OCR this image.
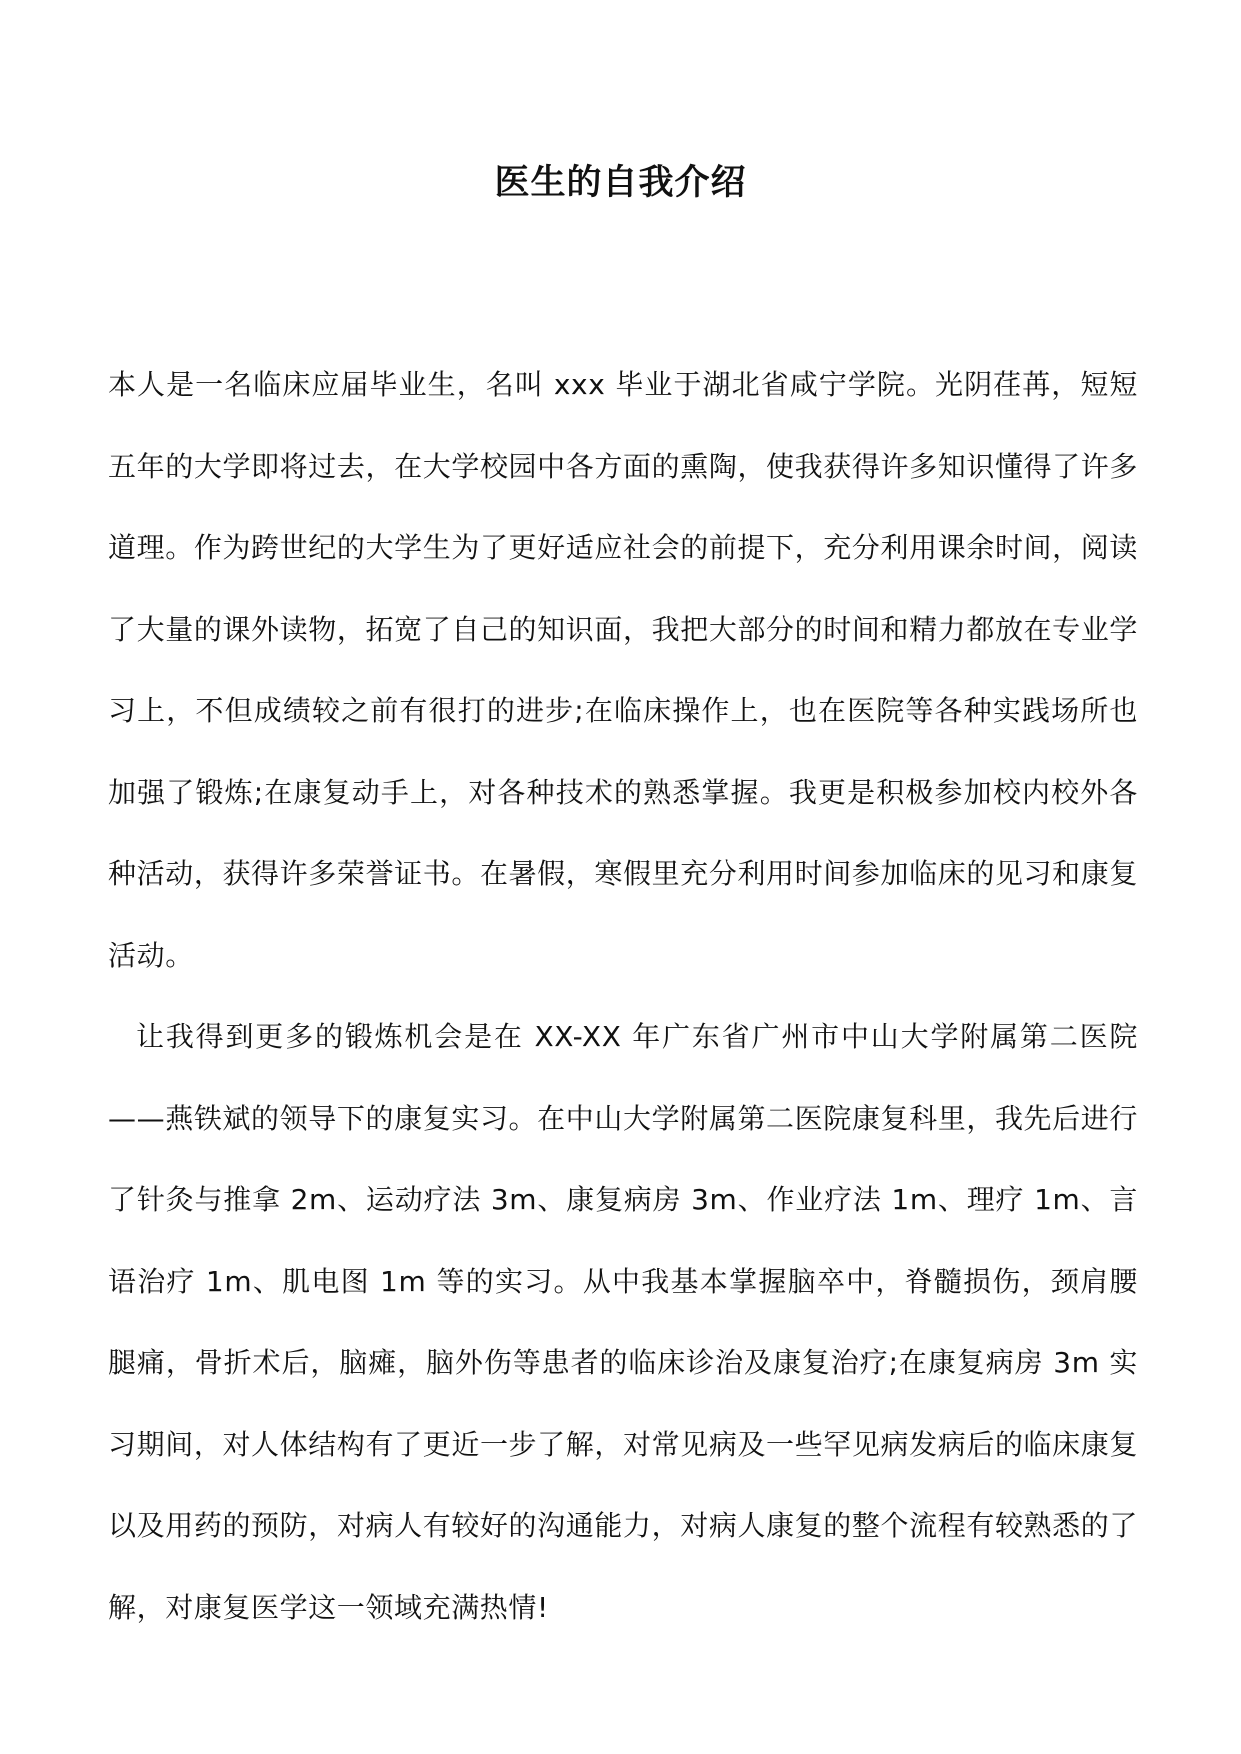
医生的自我介绍

本人是一名临床应届毕业生，名叫 xxx 毕业于湖北省咸宁学院。光阴荏苒，短短五年的大学即将过去，在大学校园中各方面的熏陶，使我获得许多知识懂得了许多道理。作为跨世纪的大学生为了更好适应社会的前提下，充分利用课余时间，阅读了大量的课外读物，拓宽了自己的知识面，我把大部分的时间和精力都放在专业学习上，不但成绩较之前有很打的进步;在临床操作上，也在医院等各种实践场所也加强了锻炼;在康复动手上，对各种技术的熟悉掌握。我更是积极参加校内校外各种活动，获得许多荣誉证书。在暑假，寒假里充分利用时间参加临床的见习和康复活动。

让我得到更多的锻炼机会是在 XX-XX 年广东省广州市中山大学附属第二医院——燕铁斌的领导下的康复实习。在中山大学附属第二医院康复科里，我先后进行了针灸与推拿 2m、运动疗法 3m、康复病房 3m、作业疗法 1m、理疗 1m、言语治疗 1m、肌电图 1m 等的实习。从中我基本掌握脑卒中，脊髓损伤，颈肩腰腿痛，骨折术后，脑瘫，脑外伤等患者的临床诊治及康复治疗;在康复病房 3m 实习期间，对人体结构有了更近一步了解，对常见病及一些罕见病发病后的临床康复以及用药的预防，对病人有较好的沟通能力，对病人康复的整个流程有较熟悉的了解，对康复医学这一领域充满热情!
